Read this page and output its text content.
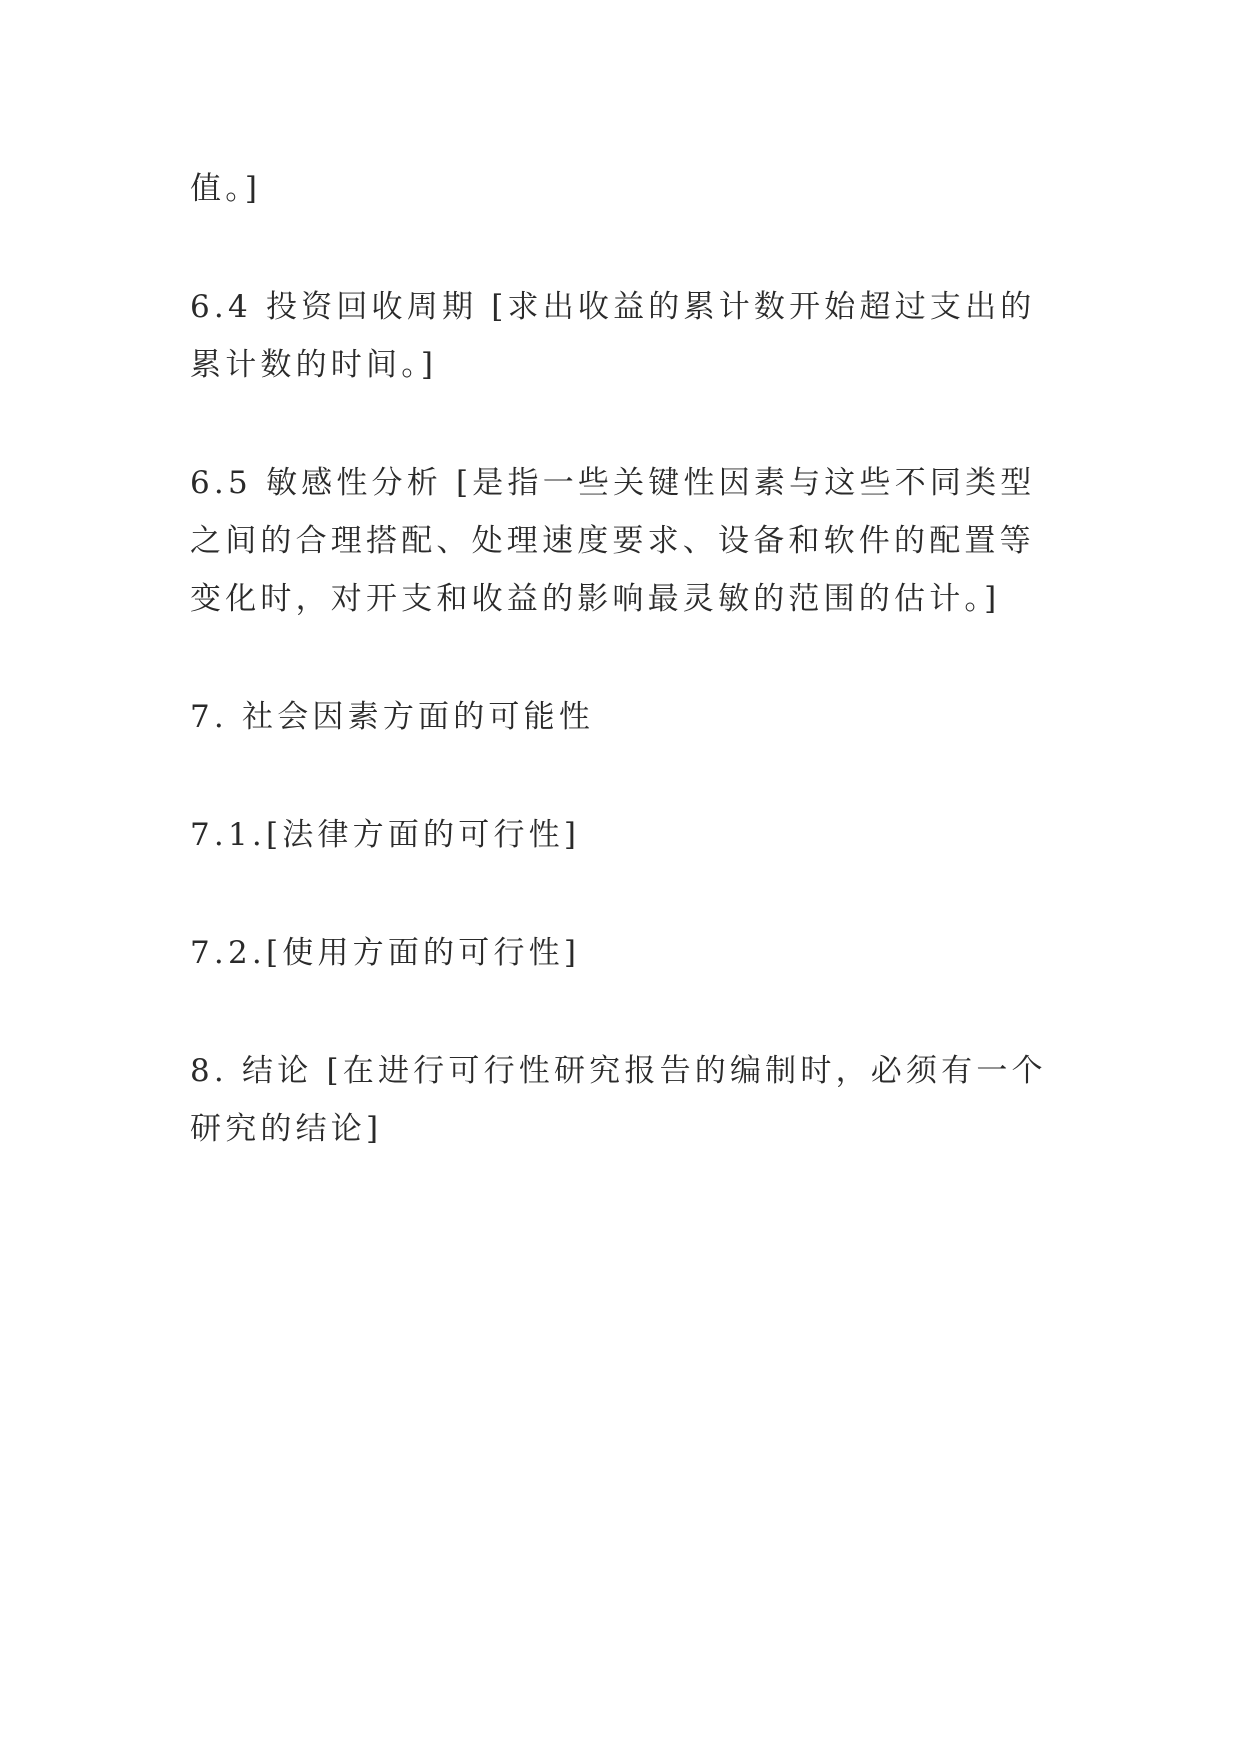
值。]

6.4 投资回收周期 [求出收益的累计数开始超过支出的累计数的时间。]

6.5 敏感性分析 [是指一些关键性因素与这些不同类型之间的合理搭配、处理速度要求、设备和软件的配置等变化时，对开支和收益的影响最灵敏的范围的估计。]

7. 社会因素方面的可能性

7.1.[法律方面的可行性]

7.2.[使用方面的可行性]

8. 结论 [在进行可行性研究报告的编制时，必须有一个研究的结论]
